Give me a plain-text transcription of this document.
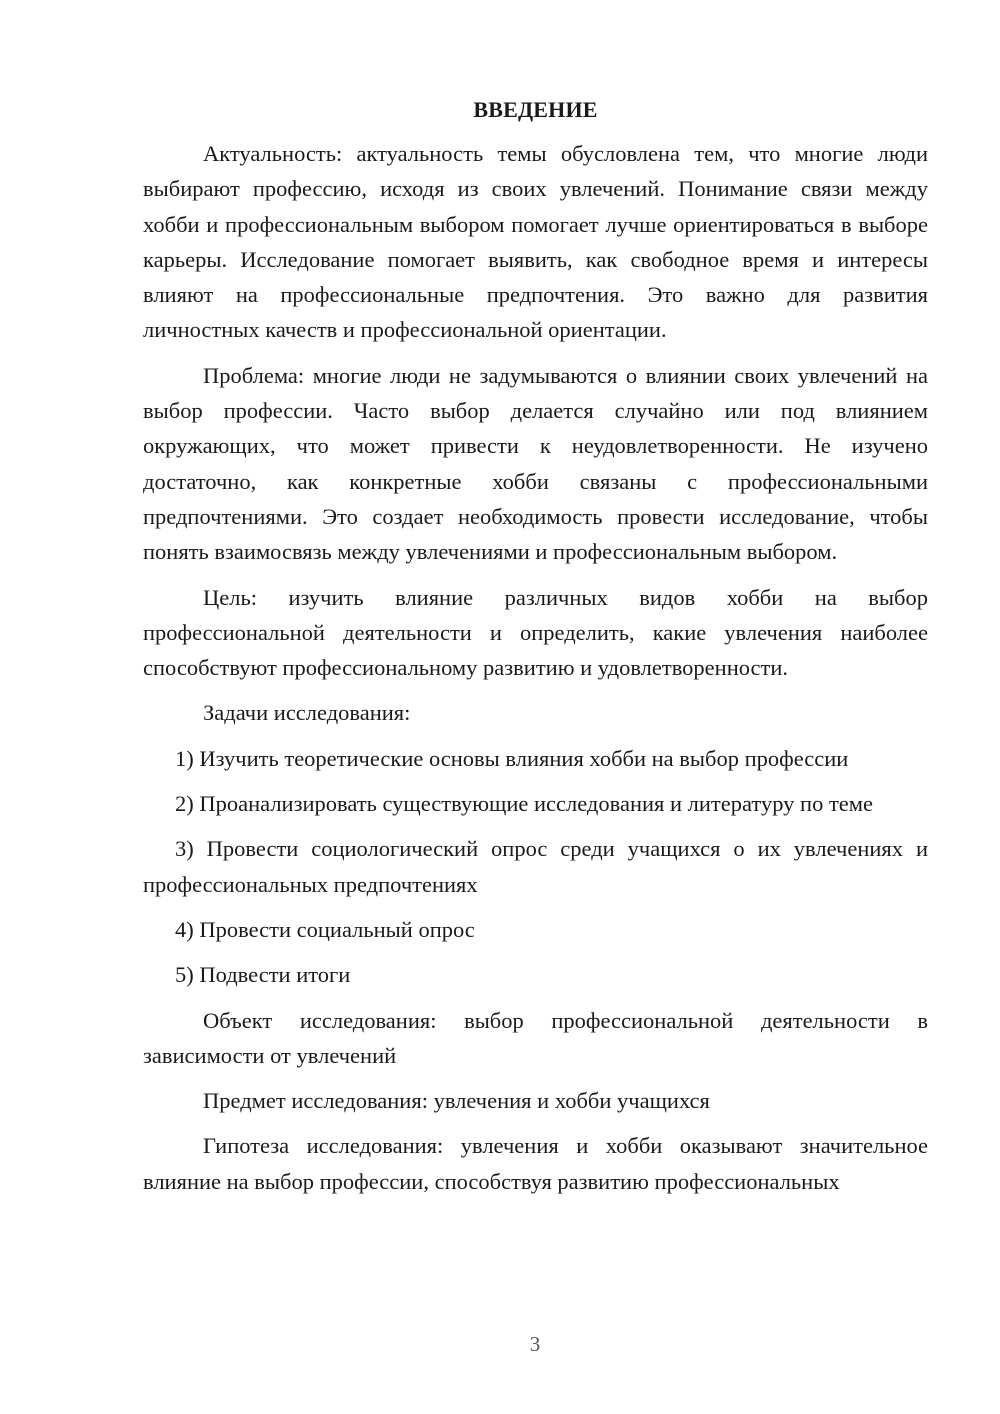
ВВЕДЕНИЕ

Актуальность: актуальность темы обусловлена тем, что многие люди выбирают профессию, исходя из своих увлечений. Понимание связи между хобби и профессиональным выбором помогает лучше ориентироваться в выборе карьеры. Исследование помогает выявить, как свободное время и интересы влияют на профессиональные предпочтения. Это важно для развития личностных качеств и профессиональной ориентации.

Проблема: многие люди не задумываются о влиянии своих увлечений на выбор профессии. Часто выбор делается случайно или под влиянием окружающих, что может привести к неудовлетворенности. Не изучено достаточно, как конкретные хобби связаны с профессиональными предпочтениями. Это создает необходимость провести исследование, чтобы понять взаимосвязь между увлечениями и профессиональным выбором.

Цель: изучить влияние различных видов хобби на выбор профессиональной деятельности и определить, какие увлечения наиболее способствуют профессиональному развитию и удовлетворенности.

Задачи исследования:

1) Изучить теоретические основы влияния хобби на выбор профессии

2) Проанализировать существующие исследования и литературу по теме

3) Провести социологический опрос среди учащихся о их увлечениях и профессиональных предпочтениях

4) Провести социальный опрос

5) Подвести итоги

Объект исследования: выбор профессиональной деятельности в зависимости от увлечений

Предмет исследования: увлечения и хобби учащихся

Гипотеза исследования: увлечения и хобби оказывают значительное влияние на выбор профессии, способствуя развитию профессиональных

3
